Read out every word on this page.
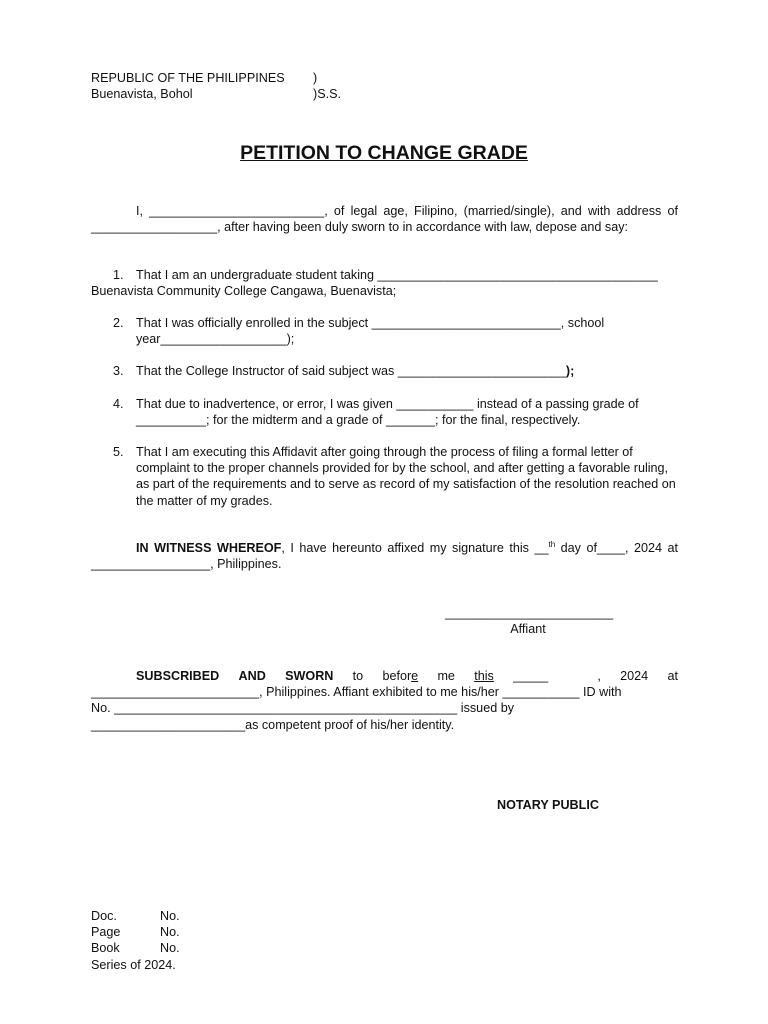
REPUBLIC OF THE PHILIPPINES )
Buenavista, Bohol	)S.S.
PETITION TO CHANGE GRADE
I, _________________________, of legal age, Filipino, (married/single), and with address of __________________, after having been duly sworn to in accordance with law, depose and say:
1. That I am an undergraduate student taking ________________________________________
Buenavista Community College Cangawa, Buenavista;
2. That I was officially enrolled in the subject ___________________________, school year__________________);
3. That the College Instructor of said subject was ________________________);
4. That due to inadvertence, or error, I was given ___________ instead of a passing grade of __________; for the midterm and a grade of _______; for the final, respectively.
5. That I am executing this Affidavit after going through the process of filing a formal letter of complaint to the proper channels provided for by the school, and after getting a favorable ruling, as part of the requirements and to serve as record of my satisfaction of the resolution reached on the matter of my grades.
IN WITNESS WHEREOF, I have hereunto affixed my signature this __$^{th}$ day of____, 2024 at _________________, Philippines.
________________________
Affiant
SUBSCRIBED AND SWORN to before me this _____	, 2024 at
________________________, Philippines. Affiant exhibited to me his/her ___________ ID with
No. _________________________________________________ issued by
______________________as competent proof of his/her identity.
NOTARY PUBLIC
Doc.	No.
Page	No.
Book	No.
Series of 2024.
